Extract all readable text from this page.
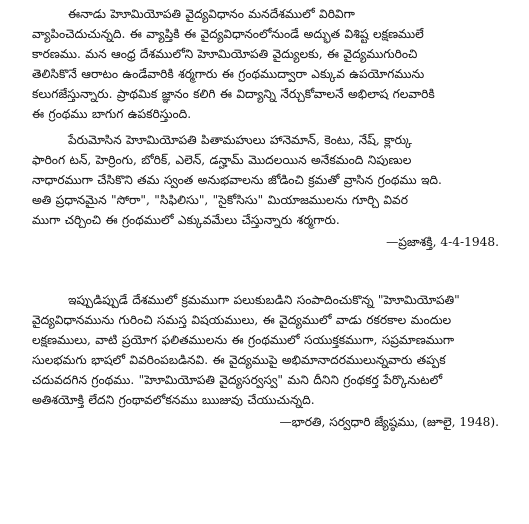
ఈనాడు హెూమియోపతి వైద్యవిధానం మనదేశములో విరివిగా
వ్యాపించెదుచున్నది. ఈ వ్యాప్తికి ఈ వైద్యవిధానంలోనుండే అద్భుత విశిష్ట లక్షణములే
కారణము. మన ఆంధ్ర దేశములోని హెూమియోపతి వైద్యులకు, ఈ వైద్యముగురించి
తెలిసికొనే ఆరాటం ఉండేవారికి శర్మగారు ఈ గ్రంథముద్వారా ఎక్కువ ఉపయోగమును
కలుగజేస్తున్నారు. ప్రాథమిక జ్ఞానం కలిగి ఈ విద్యాన్ని నేర్చుకోవాలనే అభిలాష గలవారికి
ఈ గ్రంథము బాగుగ ఉపకరిస్తుంది.
పేరుమోసిన హెూమియోపతి పితామహులు హానెమాన్, కెంటు, నేష్, క్లార్కు
ఫారింగ టన్, హెర్రింగు, బోరిక్, ఎలెన్, డన్హామ్ మొదలయిన అనేకమంది నిపుణుల
నాధారముగా చేసికొని తమ స్వంత అనుభవాలను జోడించి క్రమతో వ్రాసిన గ్రంథము ఇది.
అతి ప్రధానమైన "సోరా", "సిఫిలిసు", "సైకోసిసు" మియాజములను గూర్చి వివర
ముగా చర్చించి ఈ గ్రంథములో ఎక్కువమేలు చేస్తున్నారు శర్మగారు.
—ప్రజాశక్తి, 4-4-1948.
ఇప్పుడిప్పుడే దేశములో క్రమముగా పలుకుబడిని సంపాదించుకొన్న "హెూమియోపతి"
వైద్యవిధానమును గురించి సమస్త విషయములు, ఈ వైద్యములో వాడు రకరకాల మందుల
లక్షణములు, వాటి ప్రయోగ ఫలితములను ఈ గ్రంథములో సయుక్తకముగా, సప్రమాణముగా
సులభమగు భాషలో వివరింపబడినవి. ఈ వైద్యముపై అభిమానాదరములున్నవారు తప్పక
చదువదగిన గ్రంథము. "హెూమియోపతి వైద్యసర్వస్వ" మని దీనిని గ్రంథకర్త పేర్కొనుటలో
అతిశయోక్తి లేదని గ్రంథావలోకనము ఋజువు చేయుచున్నది.
—భారతి, సర్వధారి జ్యేష్ఠము, (జూలై, 1948).
